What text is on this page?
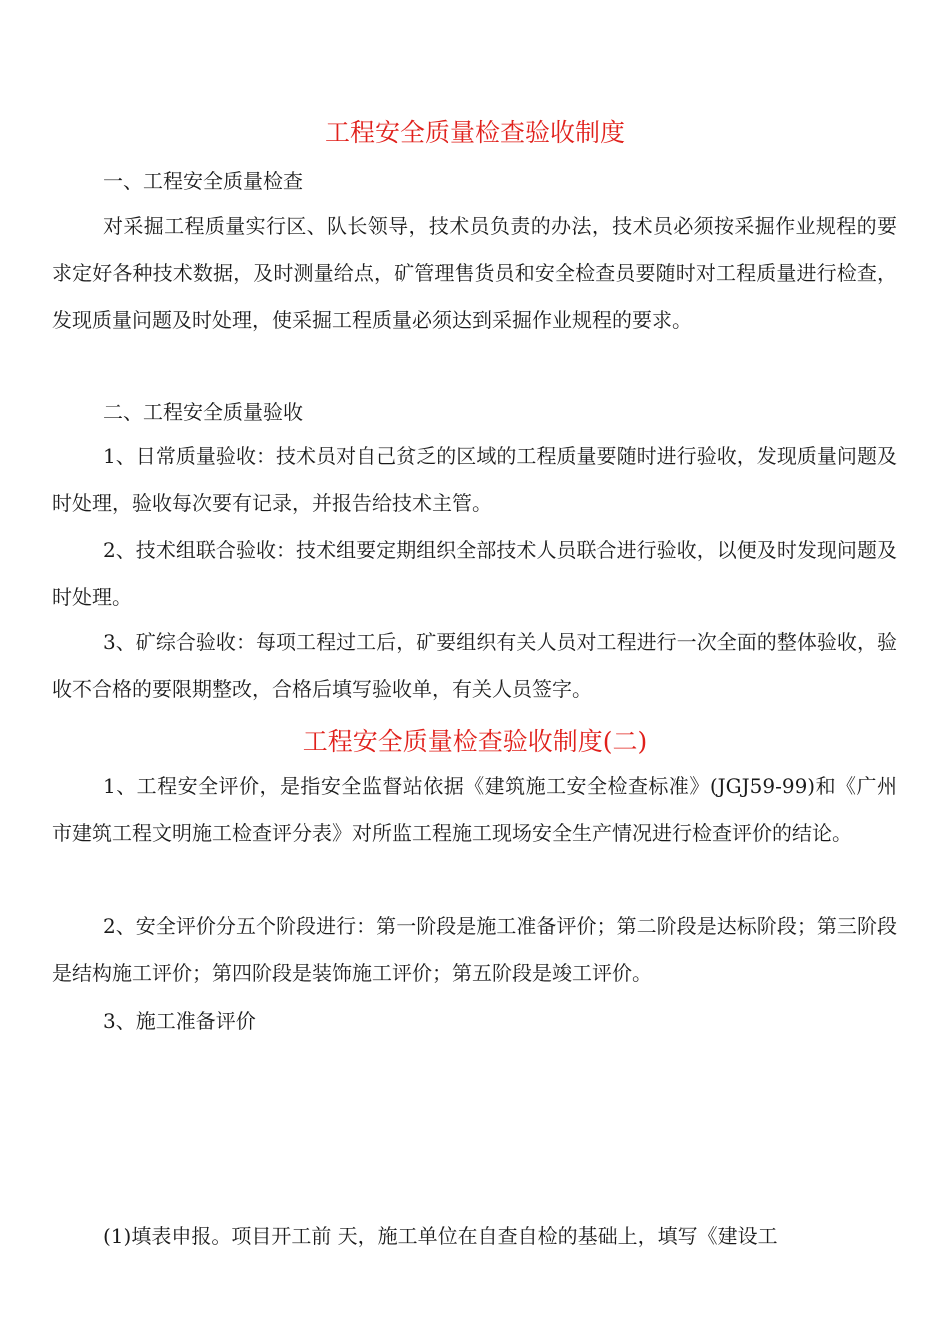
工程安全质量检查验收制度
一、工程安全质量检查

对采掘工程质量实行区、队长领导，技术员负责的办法，技术员必须按采掘作业规程的要求定好各种技术数据，及时测量给点，矿管理售货员和安全检查员要随时对工程质量进行检查，发现质量问题及时处理，使采掘工程质量必须达到采掘作业规程的要求。

二、工程安全质量验收

1、日常质量验收：技术员对自己贫乏的区域的工程质量要随时进行验收，发现质量问题及时处理，验收每次要有记录，并报告给技术主管。

2、技术组联合验收：技术组要定期组织全部技术人员联合进行验收，以便及时发现问题及时处理。

3、矿综合验收：每项工程过工后，矿要组织有关人员对工程进行一次全面的整体验收，验收不合格的要限期整改，合格后填写验收单，有关人员签字。

工程安全质量检查验收制度(二)

1、工程安全评价，是指安全监督站依据《建筑施工安全检查标准》(JGJ59-99)和《广州市建筑工程文明施工检查评分表》对所监工程施工现场安全生产情况进行检查评价的结论。

2、安全评价分五个阶段进行：第一阶段是施工准备评价；第二阶段是达标阶段；第三阶段是结构施工评价；第四阶段是装饰施工评价；第五阶段是竣工评价。

3、施工准备评价

(1)填表申报。项目开工前 天，施工单位在自查自检的基础上，填写《建设工
